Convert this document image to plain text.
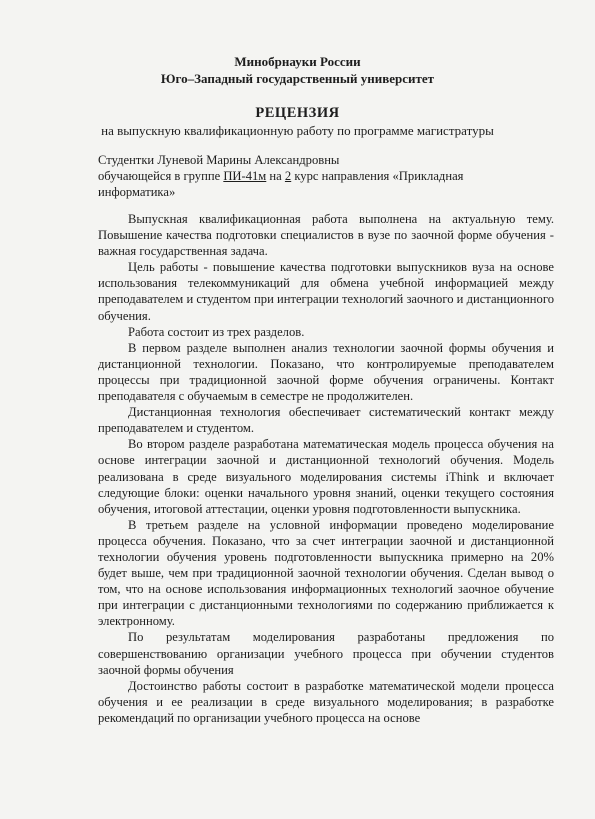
Минобрнауки России
Юго–Западный государственный университет
РЕЦЕНЗИЯ
на выпускную квалификационную работу по программе магистратуры
Студентки Луневой Марины Александровны
обучающейся в группе ПИ-41м на 2 курс направления «Прикладная
информатика»

Выпускная квалификационная работа выполнена на актуальную тему. Повышение качества подготовки специалистов в вузе по заочной форме обучения - важная государственная задача.

Цель работы - повышение качества подготовки выпускников вуза на основе использования телекоммуникаций для обмена учебной информацией между преподавателем и студентом при интеграции технологий заочного и дистанционного обучения.

Работа состоит из трех разделов.

В первом разделе выполнен анализ технологии заочной формы обучения и дистанционной технологии. Показано, что контролируемые преподавателем процессы при традиционной заочной форме обучения ограничены. Контакт преподавателя с обучаемым в семестре не продолжителен.

Дистанционная технология обеспечивает систематический контакт между преподавателем и студентом.

Во втором разделе разработана математическая модель процесса обучения на основе интеграции заочной и дистанционной технологий обучения. Модель реализована в среде визуального моделирования системы iThink и включает следующие блоки: оценки начального уровня знаний, оценки текущего состояния обучения, итоговой аттестации, оценки уровня подготовленности выпускника.

В третьем разделе на условной информации проведено моделирование процесса обучения. Показано, что за счет интеграции заочной и дистанционной технологии обучения уровень подготовленности выпускника примерно на 20% будет выше, чем при традиционной заочной технологии обучения. Сделан вывод о том, что на основе использования информационных технологий заочное обучение при интеграции с дистанционными технологиями по содержанию приближается к электронному.

По результатам моделирования разработаны предложения по совершенствованию организации учебного процесса при обучении студентов заочной формы обучения

Достоинство работы состоит в разработке математической модели процесса обучения и ее реализации в среде визуального моделирования; в разработке рекомендаций по организации учебного процесса на основе
